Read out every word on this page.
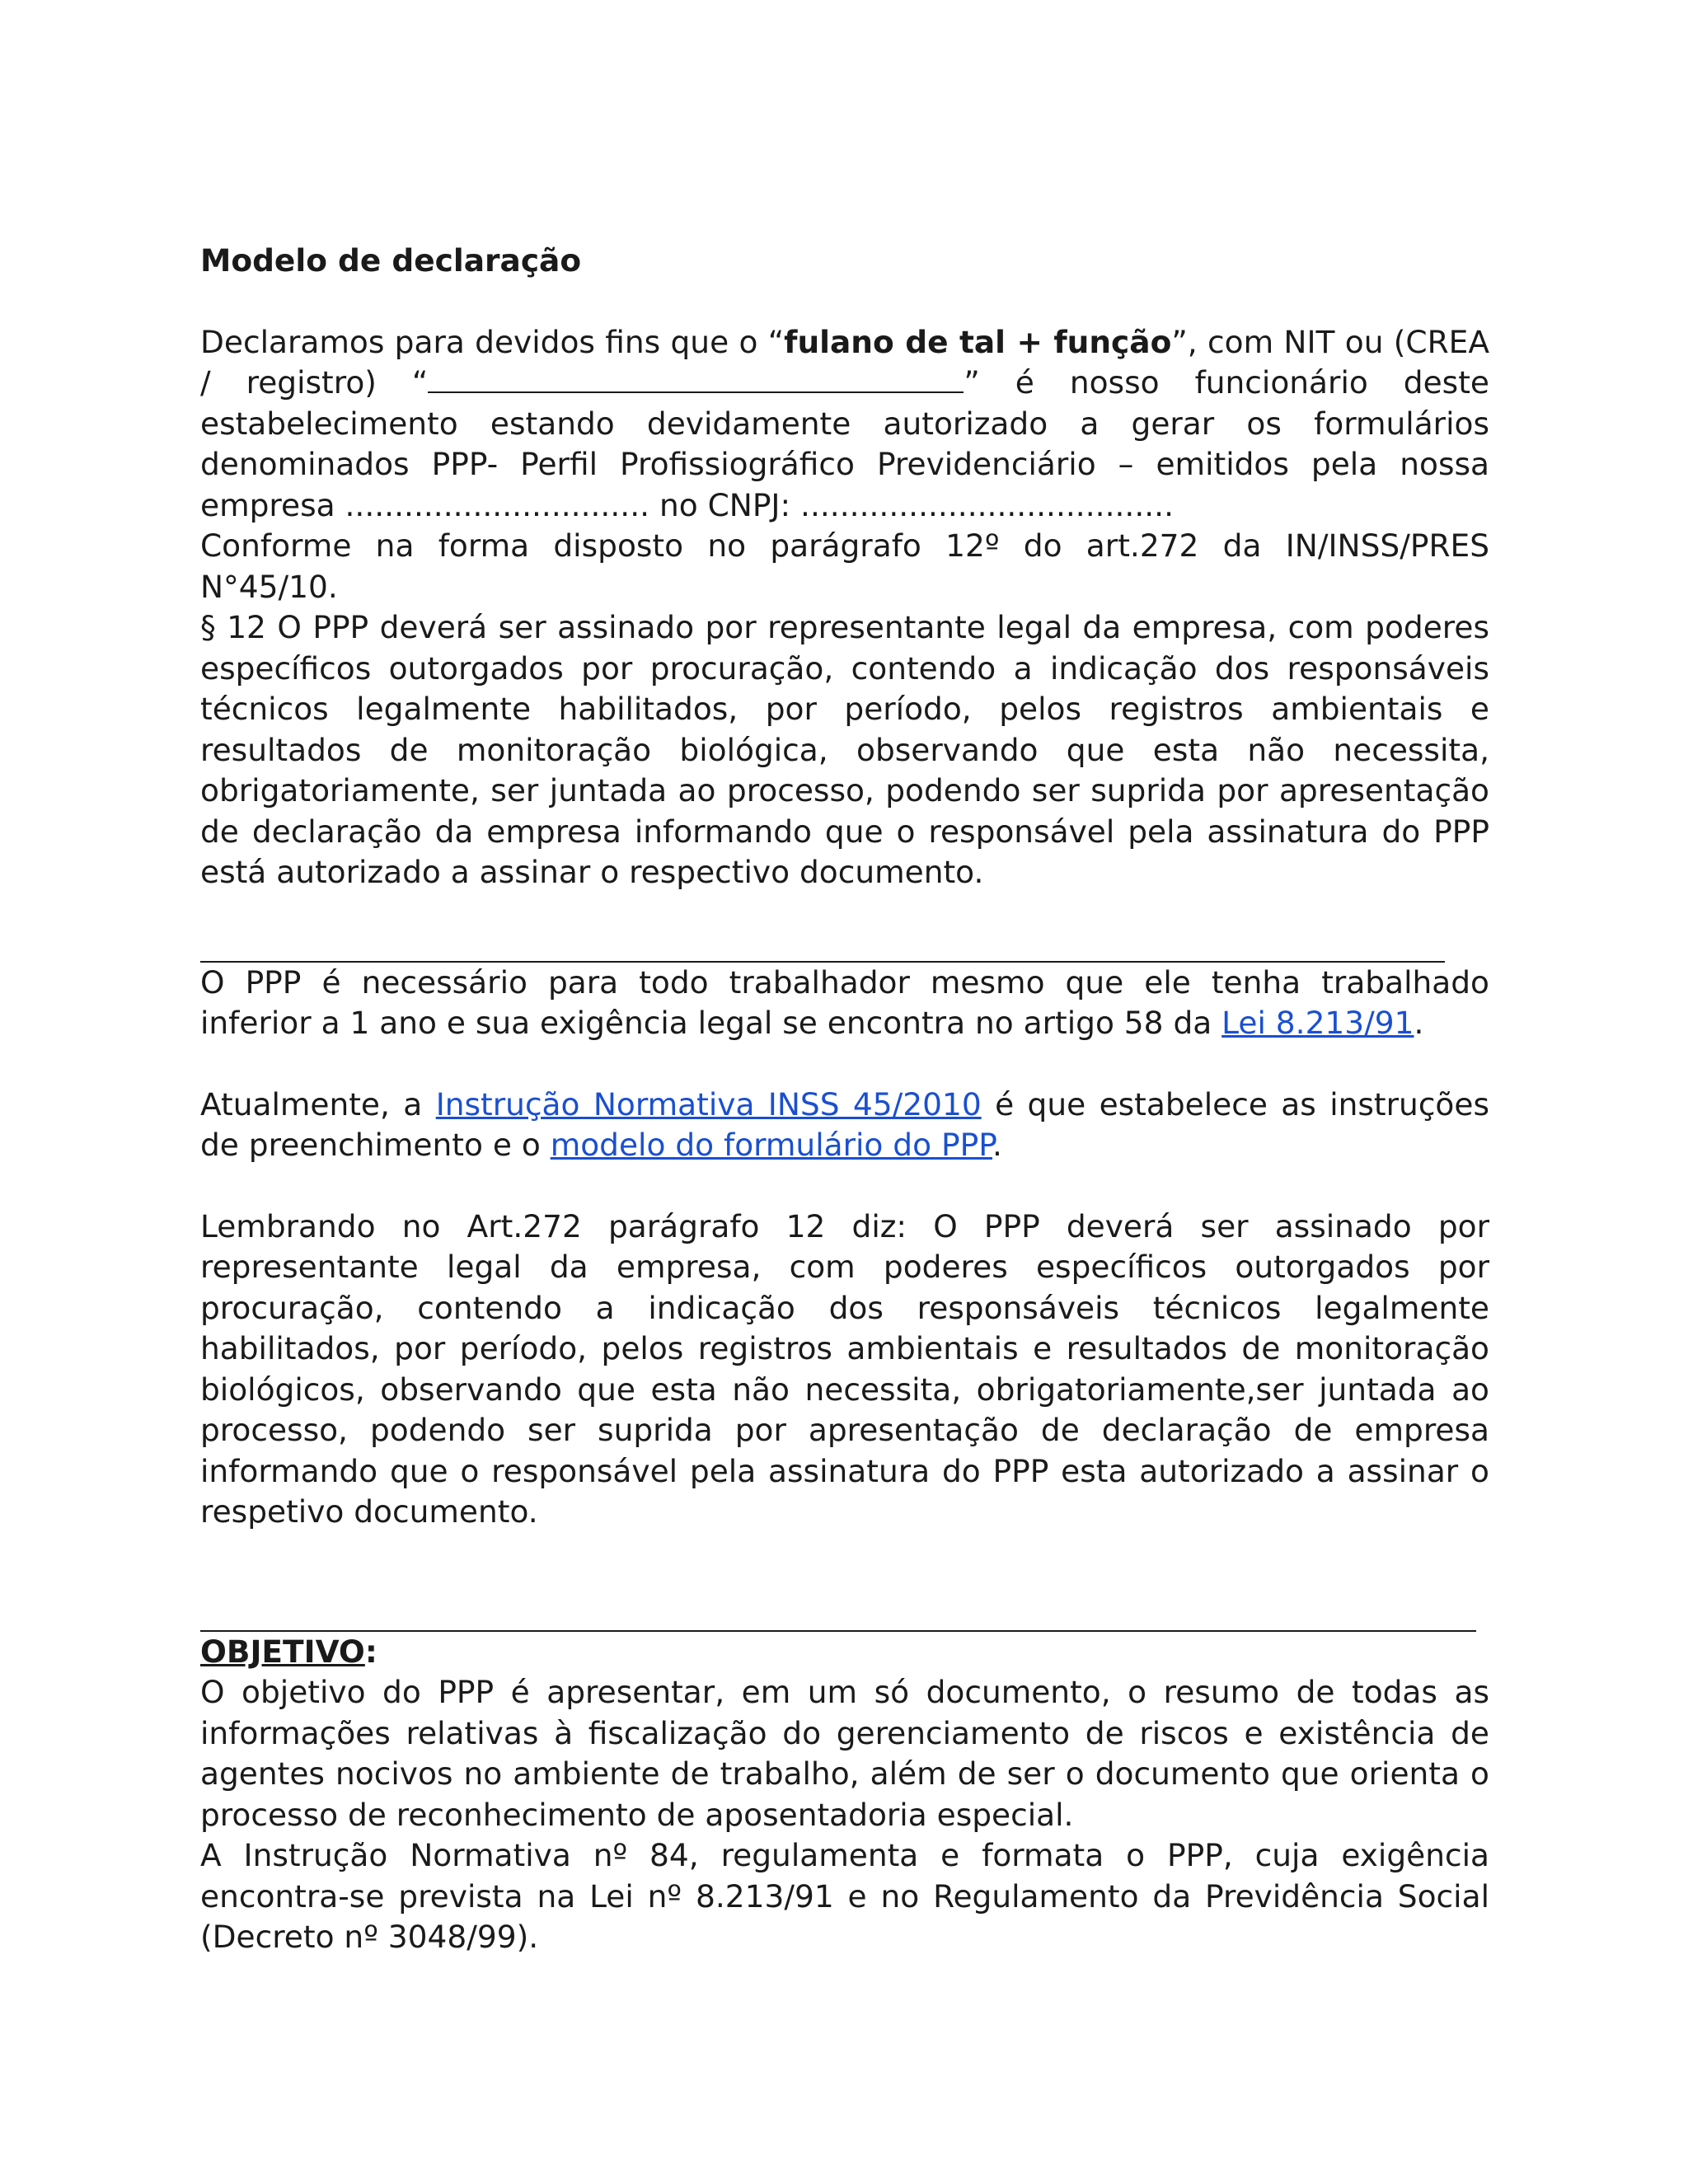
Modelo de declaração

Declaramos para devidos fins que o “fulano de tal + função”, com NIT ou (CREA / registro) “	” é nosso funcionário deste estabelecimento estando devidamente autorizado a gerar os formulários denominados PPP- Perfil Profissiográfico Previdenciário – emitidos pela nossa empresa ............................... no CNPJ: ......................................

Conforme na forma disposto no parágrafo 12º do art.272 da IN/INSS/PRES N°45/10.

§ 12 O PPP deverá ser assinado por representante legal da empresa, com poderes específicos outorgados por procuração, contendo a indicação dos responsáveis técnicos legalmente habilitados, por período, pelos registros ambientais e resultados de monitoração biológica, observando que esta não necessita, obrigatoriamente, ser juntada ao processo, podendo ser suprida por apresentação de declaração da empresa informando que o responsável pela assinatura do PPP está autorizado a assinar o respectivo documento.

O PPP é necessário para todo trabalhador mesmo que ele tenha trabalhado inferior a 1 ano e sua exigência legal se encontra no artigo 58 da Lei 8.213/91.

Atualmente, a Instrução Normativa INSS 45/2010 é que estabelece as instruções de preenchimento e o modelo do formulário do PPP.

Lembrando no Art.272 parágrafo 12 diz: O PPP deverá ser assinado por representante legal da empresa, com poderes específicos outorgados por procuração, contendo a indicação dos responsáveis técnicos legalmente habilitados, por período, pelos registros ambientais e resultados de monitoração biológicos, observando que esta não necessita, obrigatoriamente,ser juntada ao processo, podendo ser suprida por apresentação de declaração de empresa informando que o responsável pela assinatura do PPP esta autorizado a assinar o respetivo documento.

OBJETIVO:

O objetivo do PPP é apresentar, em um só documento, o resumo de todas as informações relativas à fiscalização do gerenciamento de riscos e existência de agentes nocivos no ambiente de trabalho, além de ser o documento que orienta o processo de reconhecimento de aposentadoria especial.

A Instrução Normativa nº 84, regulamenta e formata o PPP, cuja exigência encontra-se prevista na Lei nº 8.213/91 e no Regulamento da Previdência Social (Decreto nº 3048/99).
